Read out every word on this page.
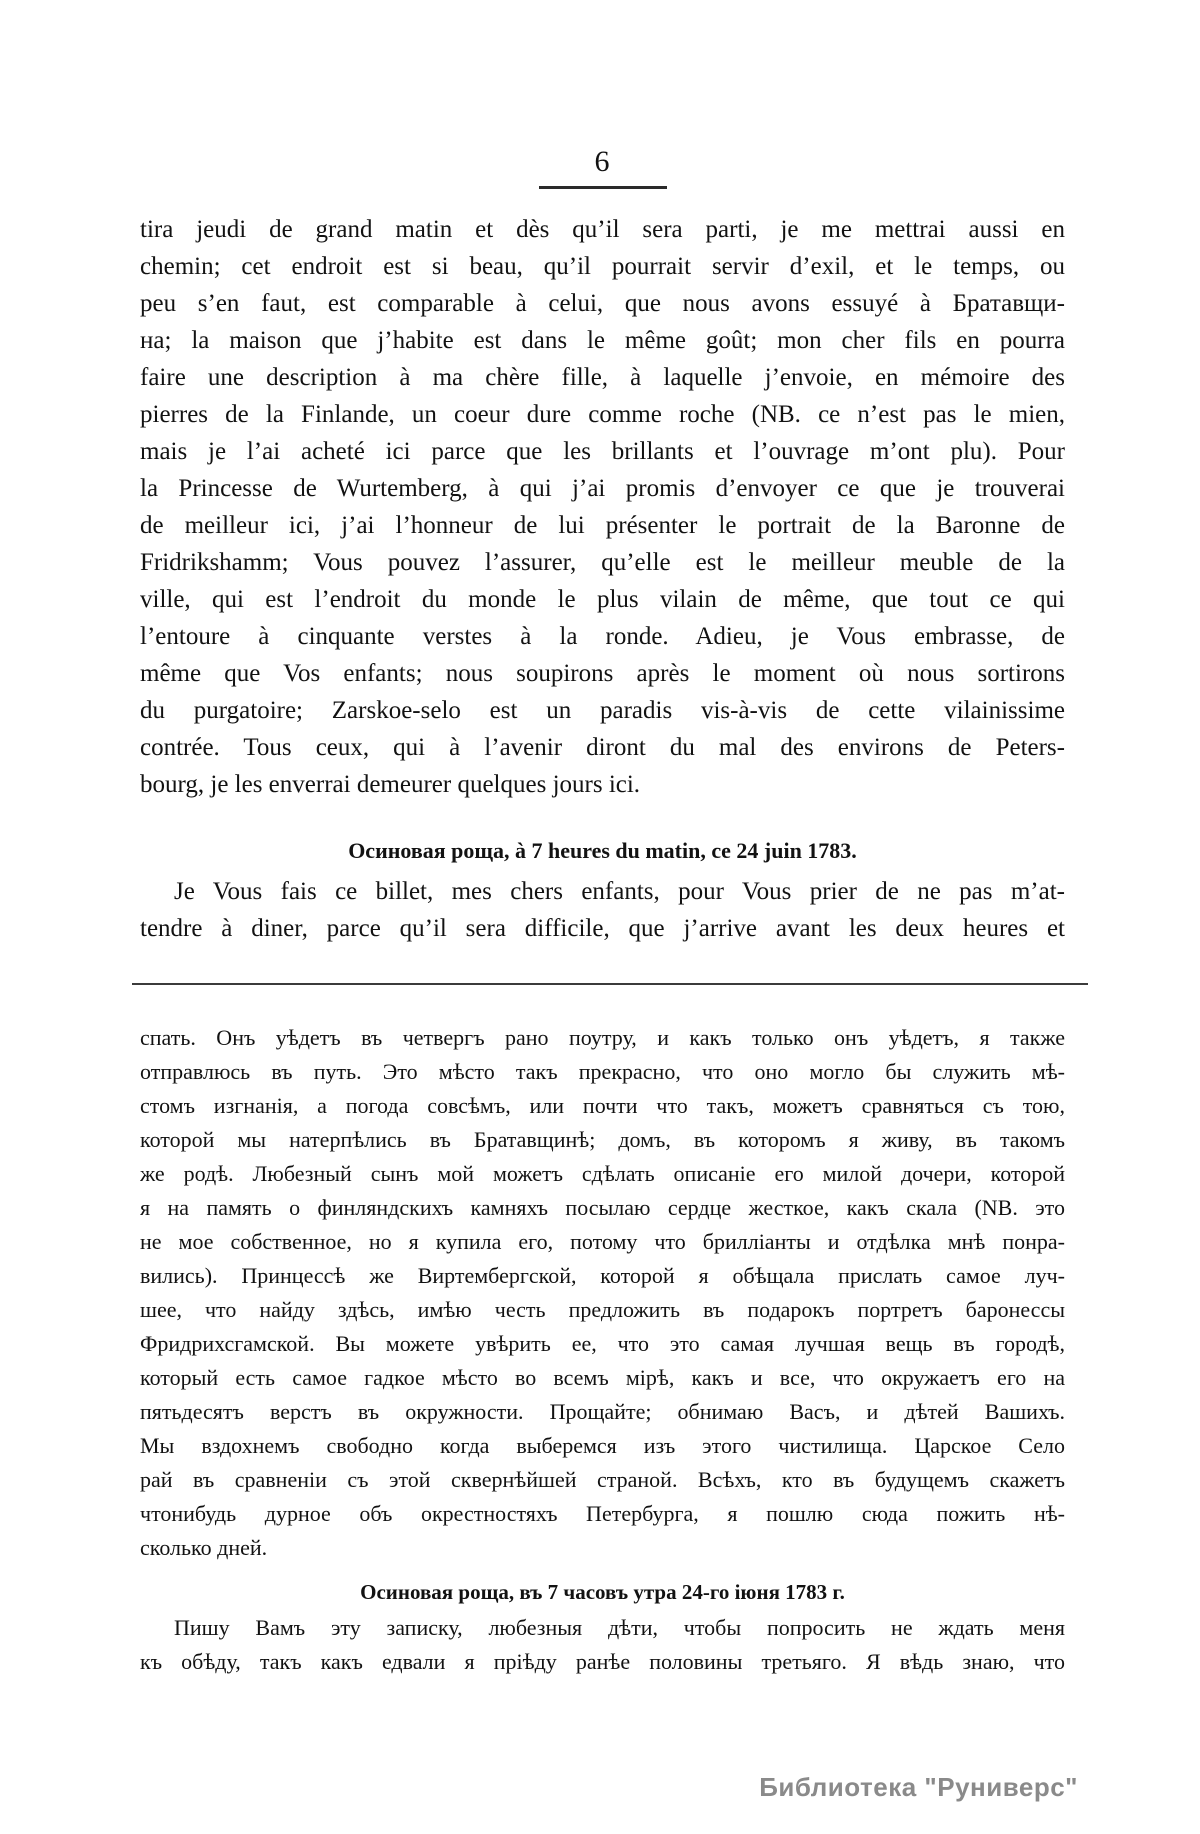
6
tira jeudi de grand matin et dès qu’il sera parti, je me mettrai aussi en
chemin; cet endroit est si beau, qu’il pourrait servir d’exil, et le temps, ou
peu s’en faut, est comparable à celui, que nous avons essuyé à Братавщи-
на; la maison que j’habite est dans le même goût; mon cher fils en pourra
faire une description à ma chère fille, à laquelle j’envoie, en mémoire des
pierres de la Finlande, un coeur dure comme roche (NB. ce n’est pas le mien,
mais je l’ai acheté ici parce que les brillants et l’ouvrage m’ont plu). Pour
la Princesse de Wurtemberg, à qui j’ai promis d’envoyer ce que je trouverai
de meilleur ici, j’ai l’honneur de lui présenter le portrait de la Baronne de
Fridrikshamm; Vous pouvez l’assurer, qu’elle est le meilleur meuble de la
ville, qui est l’endroit du monde le plus vilain de même, que tout ce qui
l’entoure à cinquante verstes à la ronde. Adieu, je Vous embrasse, de
même que Vos enfants; nous soupirons après le moment où nous sortirons
du purgatoire; Zarskoe-selo est un paradis vis-à-vis de cette vilainissime
contrée. Tous ceux, qui à l’avenir diront du mal des environs de Peters-
bourg, je les enverrai demeurer quelques jours ici.
Осиновая роща, à 7 heures du matin, ce 24 juin 1783.
Je Vous fais ce billet, mes chers enfants, pour Vous prier de ne pas m’at-
tendre à diner, parce qu’il sera difficile, que j’arrive avant les deux heures et
спать. Онъ уѣдетъ въ четвергъ рано поутру, и какъ только онъ уѣдетъ, я также
отправлюсь въ путь. Это мѣсто такъ прекрасно, что оно могло бы служить мѣ-
стомъ изгнанія, а погода совсѣмъ, или почти что такъ, можетъ сравняться съ тою,
которой мы натерпѣлись въ Братавщинѣ; домъ, въ которомъ я живу, въ такомъ
же родѣ. Любезный сынъ мой можетъ сдѣлать описаніе его милой дочери, которой
я на память о финляндскихъ камняхъ посылаю сердце жесткое, какъ скала (NB. это
не мое собственное, но я купила его, потому что брилліанты и отдѣлка мнѣ понра-
вились). Принцессѣ же Виртембергской, которой я обѣщала прислать самое луч-
шее, что найду здѣсь, имѣю честь предложить въ подарокъ портретъ баронессы
Фридрихсгамской. Вы можете увѣрить ее, что это самая лучшая вещь въ городѣ,
который есть самое гадкое мѣсто во всемъ мірѣ, какъ и все, что окружаетъ его на
пятьдесятъ верстъ въ окружности. Прощайте; обнимаю Васъ, и дѣтей Вашихъ.
Мы вздохнемъ свободно когда выберемся изъ этого чистилища. Царское Село
рай въ сравненіи съ этой сквернѣйшей страной. Всѣхъ, кто въ будущемъ скажетъ
чтонибудь дурное объ окрестностяхъ Петербурга, я пошлю сюда пожить нѣ-
сколько дней.
Осиновая роща, въ 7 часовъ утра 24-го іюня 1783 г.
Пишу Вамъ эту записку, любезныя дѣти, чтобы попросить не ждать меня
къ обѣду, такъ какъ едвали я пріѣду ранѣе половины третьяго. Я вѣдь знаю, что
Библиотека "Руниверс"
